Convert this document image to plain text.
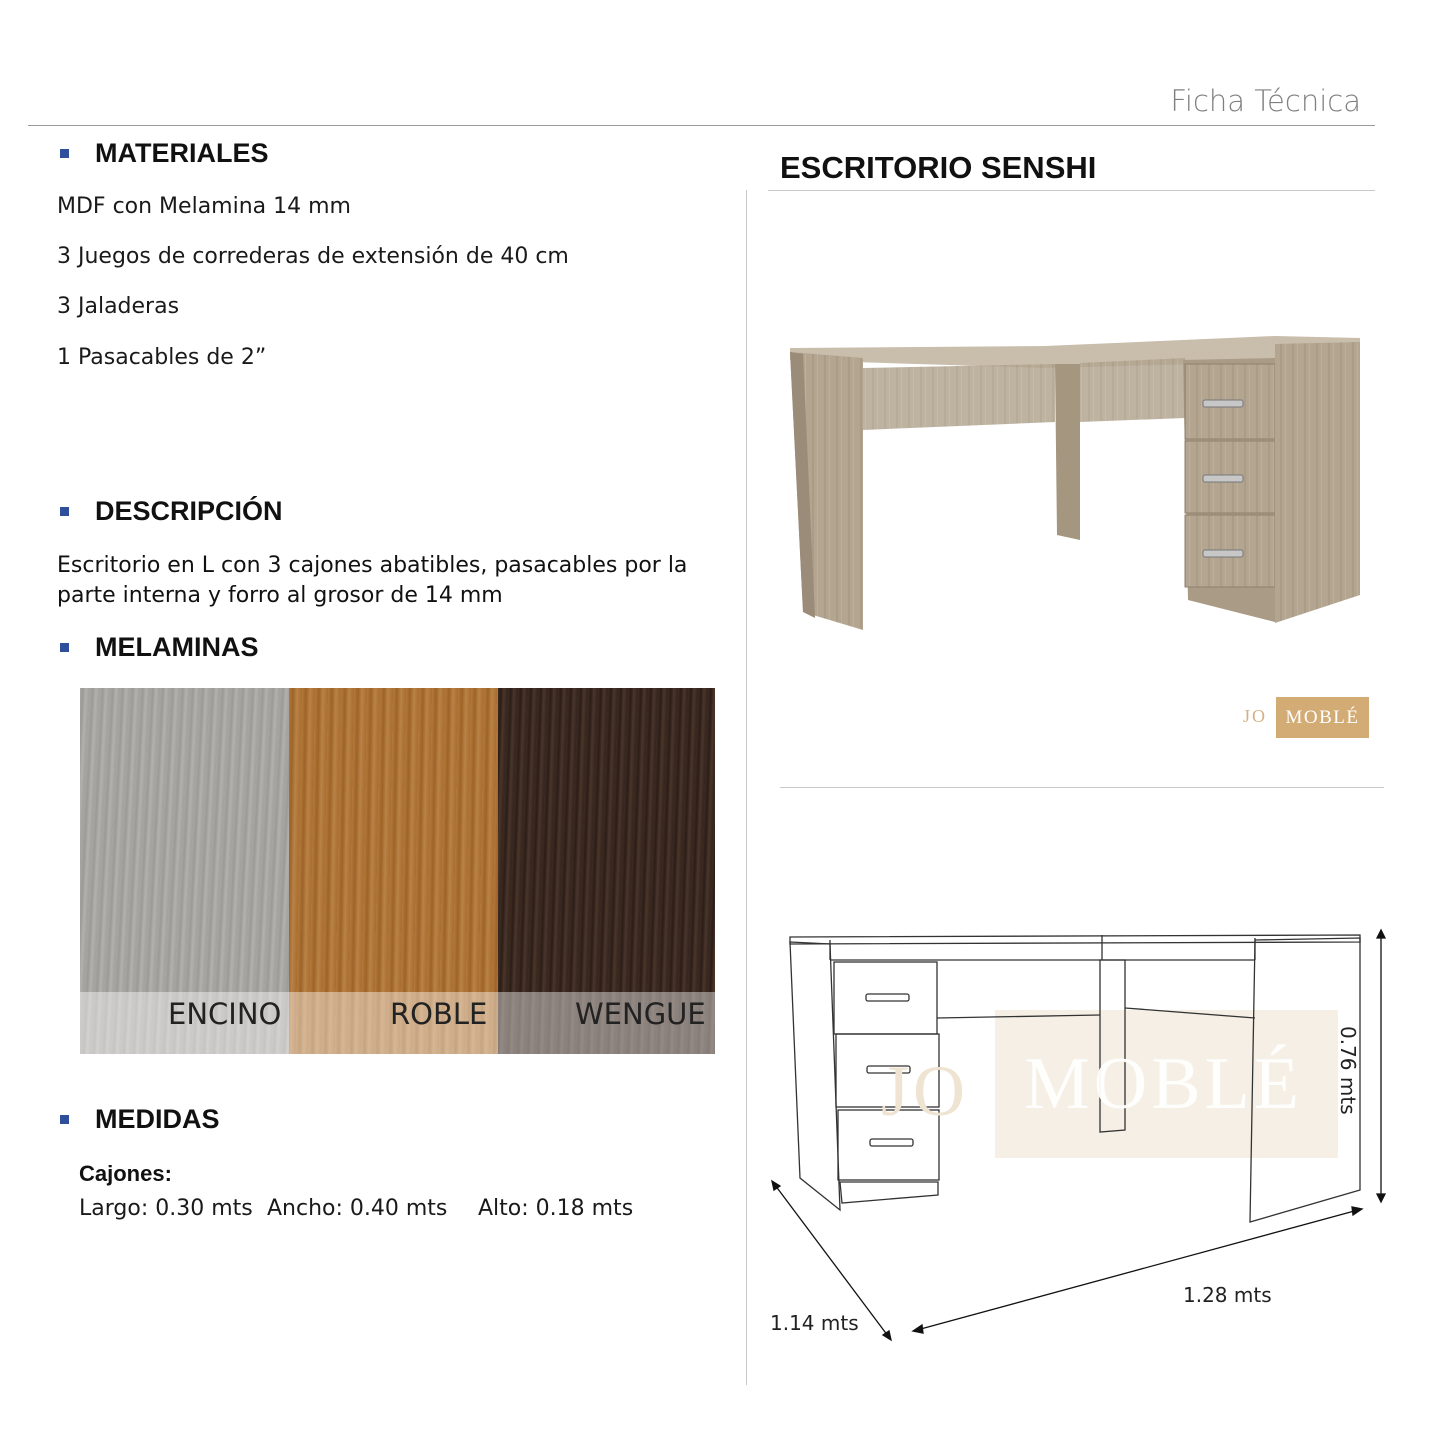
Ficha Técnica
MATERIALES
MDF con Melamina 14 mm
3 Juegos de correderas de extensión de 40 cm
3 Jaladeras
1 Pasacables de 2”
DESCRIPCIÓN
Escritorio en L con 3 cajones abatibles, pasacables por la parte interna y forro al grosor de 14 mm
MELAMINAS
ENCINO	ROBLE	WENGUE
MEDIDAS
Cajones:
Largo: 0.30 mts Ancho: 0.40 mts Alto: 0.18 mts
ESCRITORIO SENSHI
JO MOBLÉ
JO MOBLÉ 0.76 mts
1.28 mts
1.14 mts
